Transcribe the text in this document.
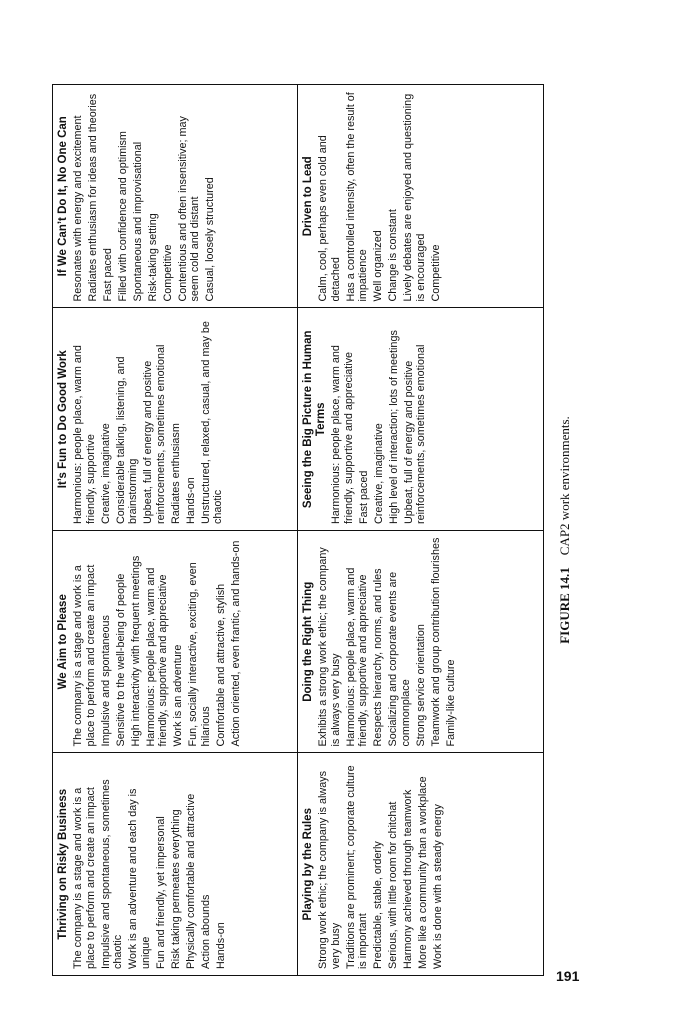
Thriving on Risky Business The company is a stage and work is a place to perform and create an impact Impulsive and spontaneous, sometimes chaotic Work is an adventure and each day is unique Fun and friendly, yet impersonal Risk taking permeates everything Physically comfortable and attractive Action abounds Hands-on
We Aim to Please The company is a stage and work is a place to perform and create an impact Impulsive and spontaneous Sensitive to the well-being of people High interactivity with frequent meetings Harmonious: people place, warm and friendly, supportive and appreciative Work is an adventure Fun, socially interactive, exciting, even hilarious Comfortable and attractive, stylish Action oriented, even frantic, and hands-on
It’s Fun to Do Good Work Harmonious: people place, warm and friendly, supportive Creative, imaginative Considerable talking, listening, and brainstorming Upbeat, full of energy and positive reinforcements, sometimes emotional Radiates enthusiasm Hands-on Unstructured, relaxed, casual, and may be chaotic
If We Can’t Do It, No One Can Resonates with energy and excitement Radiates enthusiasm for ideas and theories Fast paced Filled with confidence and optimism Spontaneous and improvisational Risk-taking setting Competitive Contentious and often insensitive; may seem cold and distant Casual, loosely structured
Playing by the Rules Strong work ethic; the company is always very busy Traditions are prominent; corporate culture is important Predictable, stable, orderly Serious, with little room for chitchat Harmony achieved through teamwork More like a community than a workplace Work is done with a steady energy
Doing the Right Thing Exhibits a strong work ethic; the company is always very busy Harmonious: people place, warm and friendly, supportive and appreciative Respects hierarchy, norms, and rules Socializing and corporate events are commonplace Strong service orientation Teamwork and group contribution flourishes Family-like culture
Seeing the Big Picture in Human Terms Harmonious: people place, warm and friendly, supportive and appreciative Fast paced Creative, imaginative High level of interaction; lots of meetings Upbeat, full of energy and positive reinforcements, sometimes emotional
Driven to Lead Calm, cool, perhaps even cold and detached Has a controlled intensity, often the result of impatience Well organized Change is constant Lively debates are enjoyed and questioning is encouraged Competitive
FIGURE 14.1CAP2 work environments.
191
